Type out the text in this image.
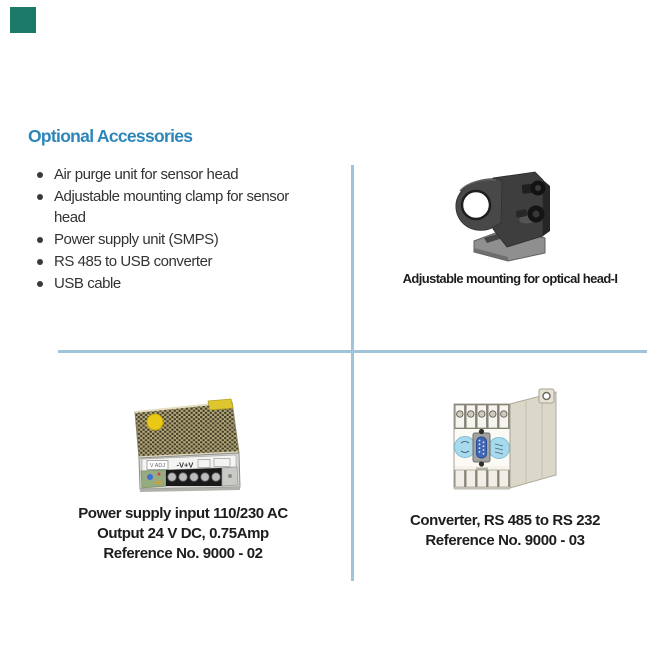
Optional Accessories
Air purge unit for sensor head
Adjustable mounting clamp for sensor head
Power supply unit (SMPS)
RS 485 to USB converter
USB cable	Adjustable mounting for optical head-I
V ADJ -V+V
Power supply input 110/230 AC
Output 24 V DC, 0.75Amp
Reference No. 9000 - 02
Converter, RS 485 to RS 232
Reference No. 9000 - 03
